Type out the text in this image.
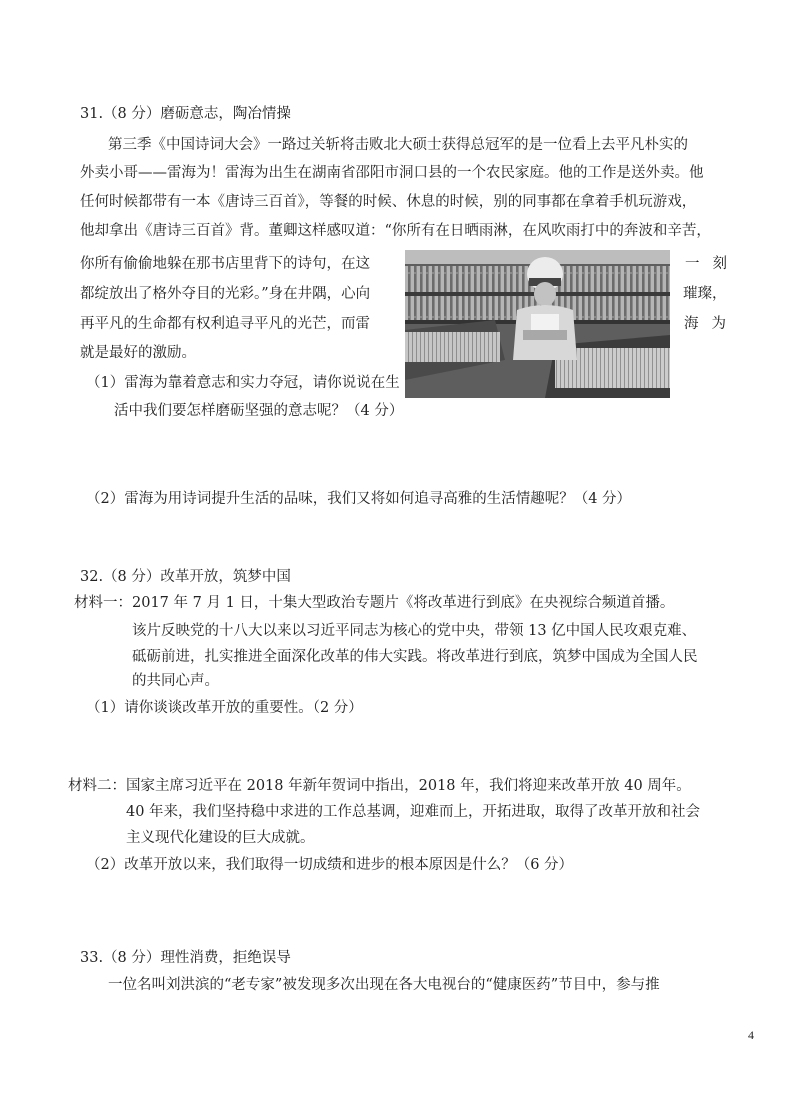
31.（8 分）磨砺意志，陶冶情操
第三季《中国诗词大会》一路过关斩将击败北大硕士获得总冠军的是一位看上去平凡朴实的
外卖小哥——雷海为！雷海为出生在湖南省邵阳市洞口县的一个农民家庭。他的工作是送外卖。他
任何时候都带有一本《唐诗三百首》，等餐的时候、休息的时候，别的同事都在拿着手机玩游戏，
他却拿出《唐诗三百首》背。董卿这样感叹道：“你所有在日晒雨淋，在风吹雨打中的奔波和辛苦，
你所有偷偷地躲在那书店里背下的诗句，在这	一 刻
都绽放出了格外夺目的光彩。”身在井隅，心向	璀璨，
再平凡的生命都有权利追寻平凡的光芒，而雷	海 为
就是最好的激励。
（1）雷海为靠着意志和实力夺冠，请你说说在生
活中我们要怎样磨砺坚强的意志呢？（4 分）
（2）雷海为用诗词提升生活的品味，我们又将如何追寻高雅的生活情趣呢？（4 分）
32.（8 分）改革开放，筑梦中国
材料一：2017 年 7 月 1 日，十集大型政治专题片《将改革进行到底》在央视综合频道首播。
该片反映党的十八大以来以习近平同志为核心的党中央，带领 13 亿中国人民攻艰克难、
砥砺前进，扎实推进全面深化改革的伟大实践。将改革进行到底，筑梦中国成为全国人民
的共同心声。
（1）请你谈谈改革开放的重要性。（2 分）
材料二：国家主席习近平在 2018 年新年贺词中指出，2018 年，我们将迎来改革开放 40 周年。
40 年来，我们坚持稳中求进的工作总基调，迎难而上，开拓进取，取得了改革开放和社会
主义现代化建设的巨大成就。
（2）改革开放以来，我们取得一切成绩和进步的根本原因是什么？（6 分）
33.（8 分）理性消费，拒绝误导
一位名叫刘洪滨的“老专家”被发现多次出现在各大电视台的“健康医药”节目中，参与推
4
